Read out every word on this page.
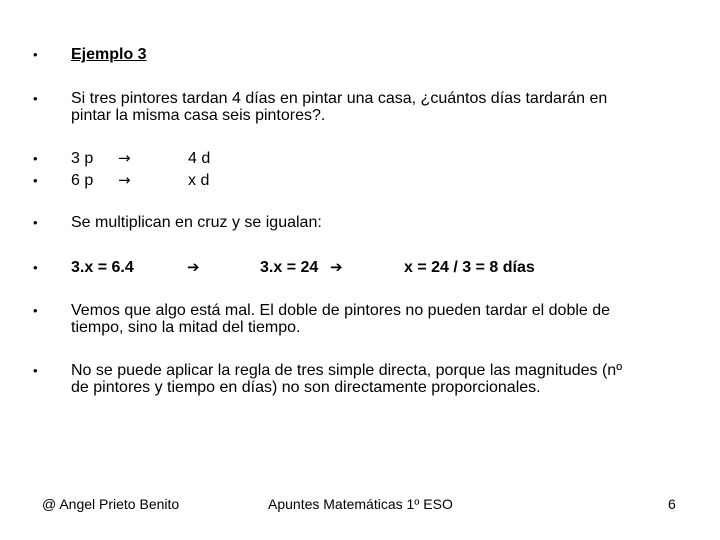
• Ejemplo 3
• Si tres pintores tardan 4 días en pintar una casa, ¿cuántos días tardarán en
pintar la misma casa seis pintores?.
• 3 p	→	4 d
• 6 p	→	x d
• Se multiplican en cruz y se igualan:
• 3.x = 6.4	➔	3.x = 24 ➔	x = 24 / 3 = 8 días
• Vemos que algo está mal. El doble de pintores no pueden tardar el doble de
tiempo, sino la mitad del tiempo.
• No se puede aplicar la regla de tres simple directa, porque las magnitudes (nº
de pintores y tiempo en días) no son directamente proporcionales.
@ Angel Prieto Benito	Apuntes Matemáticas 1º ESO	6
